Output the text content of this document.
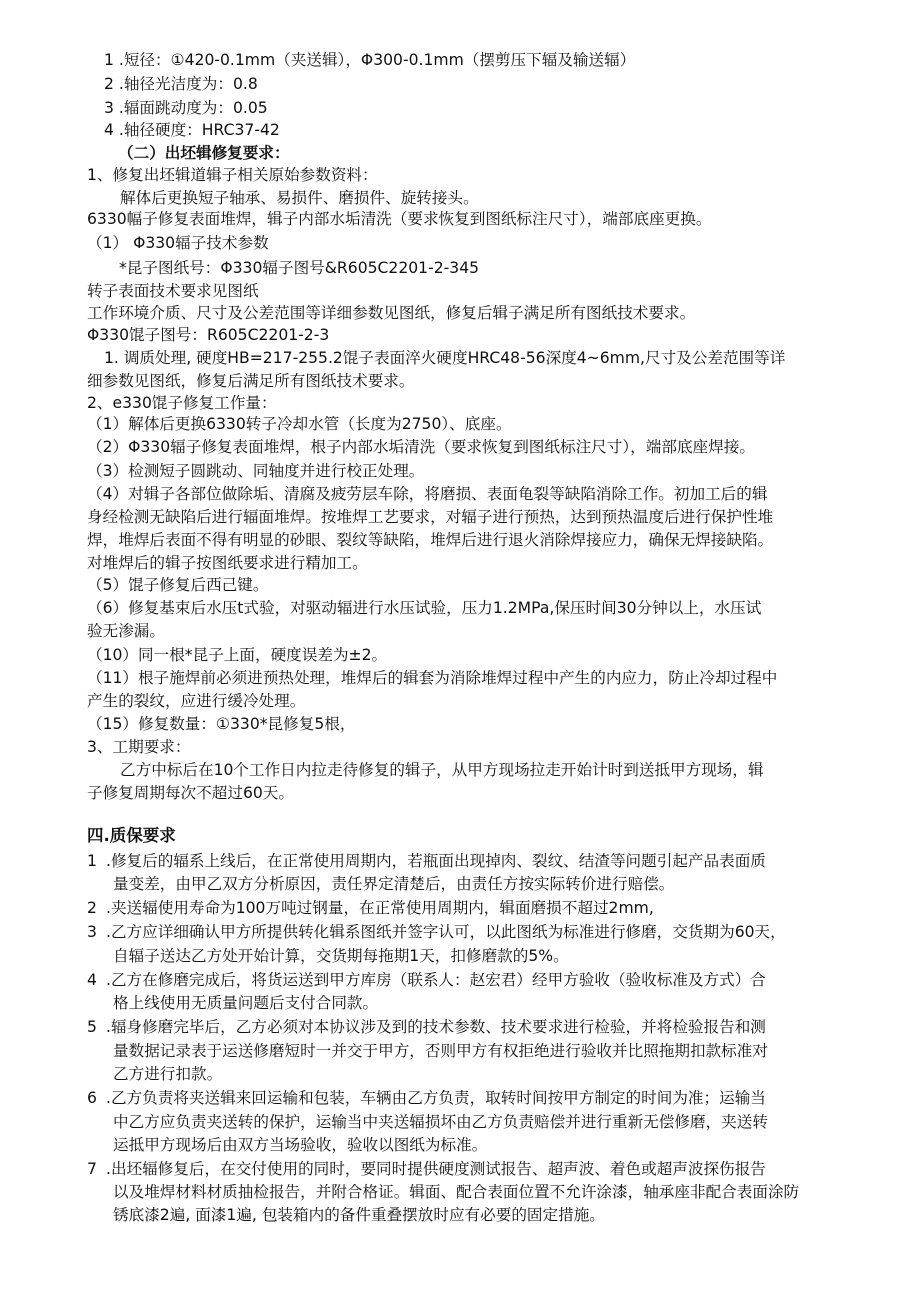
1 .短径：①420-0.1mm（夹送辑），Φ300-0.1mm（摆剪压下辐及输送辐）
2 .轴径光洁度为：0.8
3 .辐面跳动度为：0.05
4 .轴径硬度：HRC37-42
（二）出坯辑修复要求：
1、修复出坯辑道辑子相关原始参数资料：
解体后更换短子轴承、易损件、磨损件、旋转接头。
6330幅子修复表面堆焊，辑子内部水垢清洗（要求恢复到图纸标注尺寸），端部底座更换。
（1） Φ330辐子技术参数
*昆子图纸号：Φ330辐子图号&R605C2201-2-345
转子表面技术要求见图纸
工作环境介质、尺寸及公差范围等详细参数见图纸，修复后辑子满足所有图纸技术要求。
Φ330馄子图号：R605C2201-2-3
1. 调质处理, 硬度HB=217-255.2馄子表面淬火硬度HRC48-56深度4~6mm,尺寸及公差范围等详
细参数见图纸，修复后满足所有图纸技术要求。
2、e330馄子修复工作量：
（1）解体后更换6330转子冷却水管（长度为2750）、底座。
（2）Φ330辐子修复表面堆焊，根子内部水垢清洗（要求恢复到图纸标注尺寸），端部底座焊接。
（3）检测短子圆跳动、同轴度并进行校正处理。
（4）对辑子各部位做除垢、清腐及疲劳层车除，将磨损、表面龟裂等缺陷消除工作。初加工后的辑
身经检测无缺陷后进行辐面堆焊。按堆焊工艺要求，对辐子进行预热，达到预热温度后进行保护性堆
焊，堆焊后表面不得有明显的砂眼、裂纹等缺陷，堆焊后进行退火消除焊接应力，确保无焊接缺陷。
对堆焊后的辑子按图纸要求进行精加工。
（5）馄子修复后西己键。
（6）修复基束后水压t式验，对驱动辐进行水压试验，压力1.2MPa,保压时间30分钟以上，水压试
验无渗漏。
（10）同一根*昆子上面，硬度误差为±2。
（11）根子施焊前必须进预热处理，堆焊后的辑套为消除堆焊过程中产生的内应力，防止冷却过程中
产生的裂纹，应进行缓冷处理。
（15）修复数量：①330*昆修复5根，
3、工期要求：
乙方中标后在10个工作日内拉走待修复的辑子，从甲方现场拉走开始计时到送抵甲方现场，辑
子修复周期每次不超过60天。
四.质保要求
1 .修复后的辐系上线后，在正常使用周期内，若瓶面出现掉肉、裂纹、结渣等问题引起产品表面质
量变差，由甲乙双方分析原因，责任界定清楚后，由责任方按实际转价进行赔偿。
2 .夹送辐使用寿命为100万吨过钢量，在正常使用周期内，辑面磨损不超过2mm,
3 .乙方应详细确认甲方所提供转化辑系图纸并签字认可，以此图纸为标准进行修磨，交货期为60天，
自辐子送达乙方处开始计算，交货期每拖期1天，扣修磨款的5%。
4 .乙方在修磨完成后，将货运送到甲方库房（联系人：赵宏君）经甲方验收（验收标准及方式）合
格上线使用无质量问题后支付合同款。
5 .辐身修磨完毕后，乙方必须对本协议涉及到的技术参数、技术要求进行检验，并将检验报告和测
量数据记录表于运送修磨短时一并交于甲方，否则甲方有权拒绝进行验收并比照拖期扣款标准对
乙方进行扣款。
6 .乙方负责将夹送辑来回运输和包装，车辆由乙方负责，取转时间按甲方制定的时间为准；运输当
中乙方应负责夹送转的保护，运输当中夹送辐损坏由乙方负责赔偿并进行重新无偿修磨，夹送转
运抵甲方现场后由双方当场验收，验收以图纸为标准。
7 .出坯辐修复后，在交付使用的同时，要同时提供硬度测试报告、超声波、着色或超声波探伤报告
以及堆焊材料材质抽检报告，并附合格证。辑面、配合表面位置不允许涂漆，轴承座非配合表面涂防
锈底漆2遍, 面漆1遍, 包装箱内的备件重叠摆放时应有必要的固定措施。
